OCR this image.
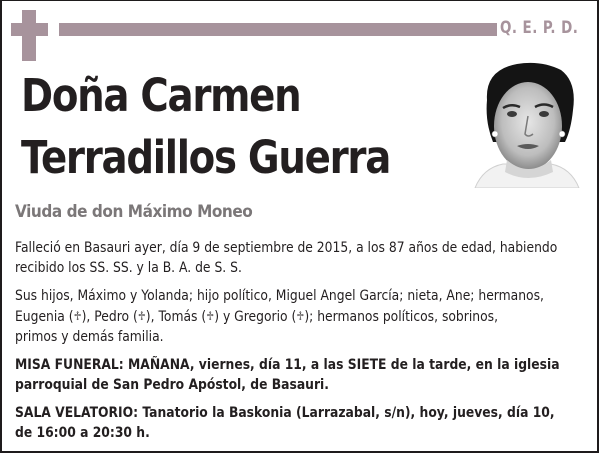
Q. E. P. D.
Doña Carmen
Terradillos Guerra
Viuda de don Máximo Moneo
Falleció en Basauri ayer, día 9 de septiembre de 2015, a los 87 años de edad, habiendo
recibido los SS. SS. y la B. A. de S. S.
Sus hijos, Máximo y Yolanda; hijo político, Miguel Angel García; nieta, Ane; hermanos,
Eugenia (♱), Pedro (♱), Tomás (♱) y Gregorio (♱); hermanos políticos, sobrinos,
primos y demás familia.
MISA FUNERAL: MAÑANA, viernes, día 11, a las SIETE de la tarde, en la iglesia
parroquial de San Pedro Apóstol, de Basauri.
SALA VELATORIO: Tanatorio la Baskonia (Larrazabal, s/n), hoy, jueves, día 10,
de 16:00 a 20:30 h.
